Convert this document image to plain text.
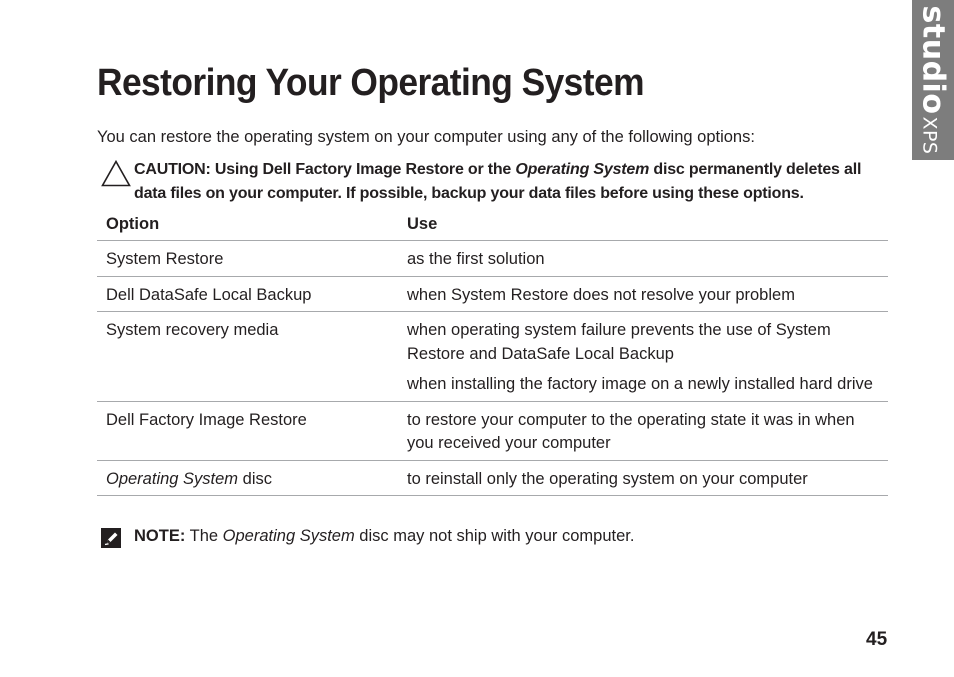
studioXPS
Restoring Your Operating System

You can restore the operating system on your computer using any of the following options:

CAUTION: Using Dell Factory Image Restore or the Operating System disc permanently deletes all data files on your computer. If possible, backup your data files before using these options.

Option	Use
System Restore	as the first solution

Dell DataSafe Local Backup	when System Restore does not resolve your problem

System recovery media	when operating system failure prevents the use of System Restore and DataSafe Local Backup
when installing the factory image on a newly installed hard drive

Dell Factory Image Restore	to restore your computer to the operating state it was in when you received your computer

Operating System disc	to reinstall only the operating system on your computer

NOTE: The Operating System disc may not ship with your computer.

45
